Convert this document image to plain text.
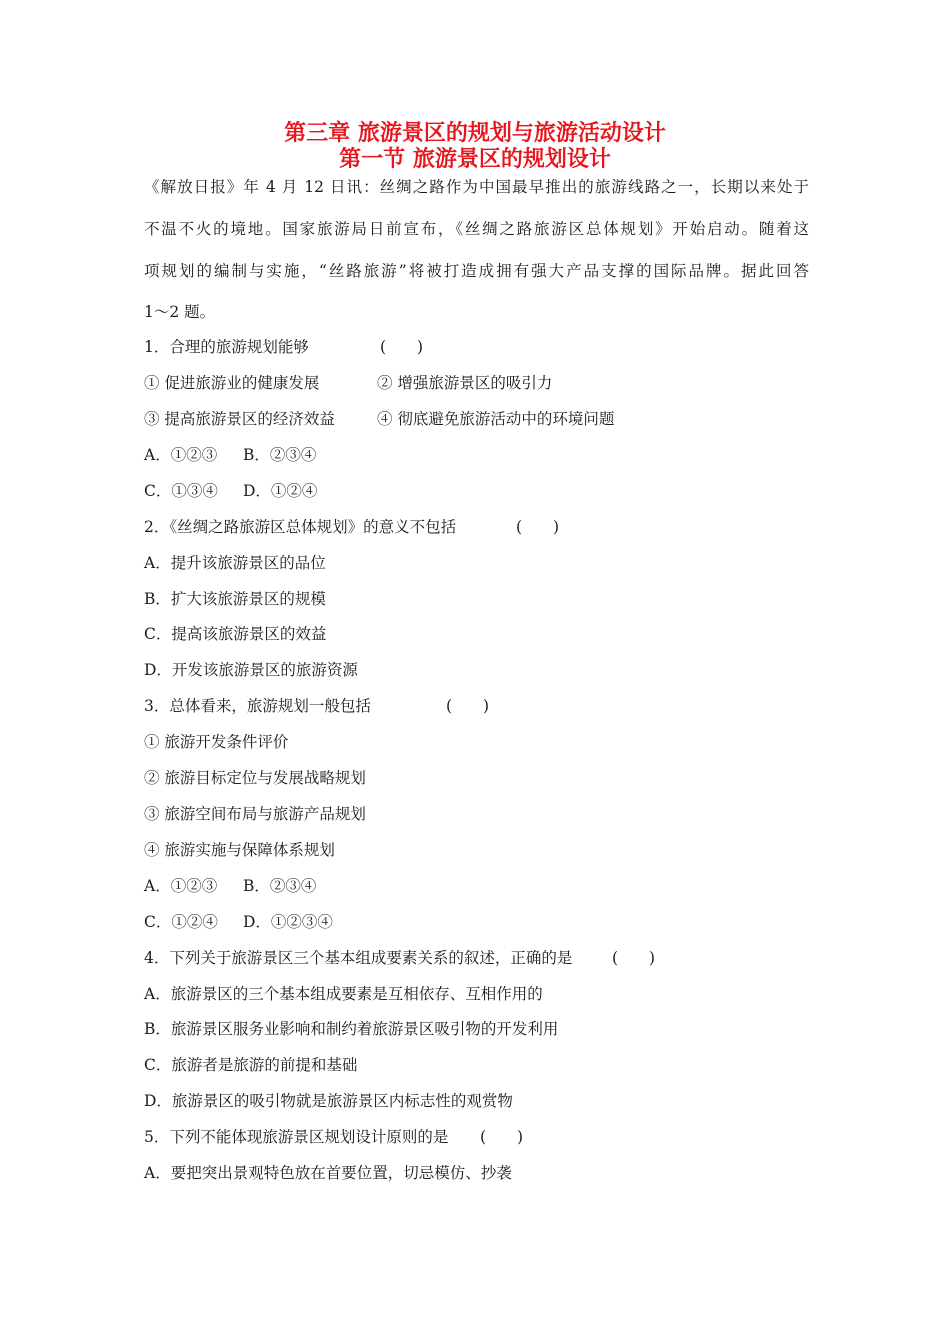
第三章 旅游景区的规划与旅游活动设计
第一节 旅游景区的规划设计
《解放日报》年 4 月 12 日讯：丝绸之路作为中国最早推出的旅游线路之一，长期以来处于
不温不火的境地。国家旅游局日前宣布，《丝绸之路旅游区总体规划》开始启动。随着这
项规划的编制与实施，“丝路旅游”将被打造成拥有强大产品支撑的国际品牌。据此回答
1～2 题。
1．合理的旅游规划能够	(　　)
① 促进旅游业的健康发展	② 增强旅游景区的吸引力
③ 提高旅游景区的经济效益	④ 彻底避免旅游活动中的环境问题
A．①②③ B．②③④
C．①③④ D．①②④
2．《丝绸之路旅游区总体规划》的意义不包括	(　　)
A．提升该旅游景区的品位
B．扩大该旅游景区的规模
C．提高该旅游景区的效益
D．开发该旅游景区的旅游资源
3．总体看来，旅游规划一般包括	(　　)
① 旅游开发条件评价
② 旅游目标定位与发展战略规划
③ 旅游空间布局与旅游产品规划
④ 旅游实施与保障体系规划
A．①②③ B．②③④
C．①②④ D．①②③④
4．下列关于旅游景区三个基本组成要素关系的叙述，正确的是	(　　)
A．旅游景区的三个基本组成要素是互相依存、互相作用的
B．旅游景区服务业影响和制约着旅游景区吸引物的开发利用
C．旅游者是旅游的前提和基础
D．旅游景区的吸引物就是旅游景区内标志性的观赏物
5．下列不能体现旅游景区规划设计原则的是 (　　)
A．要把突出景观特色放在首要位置，切忌模仿、抄袭
